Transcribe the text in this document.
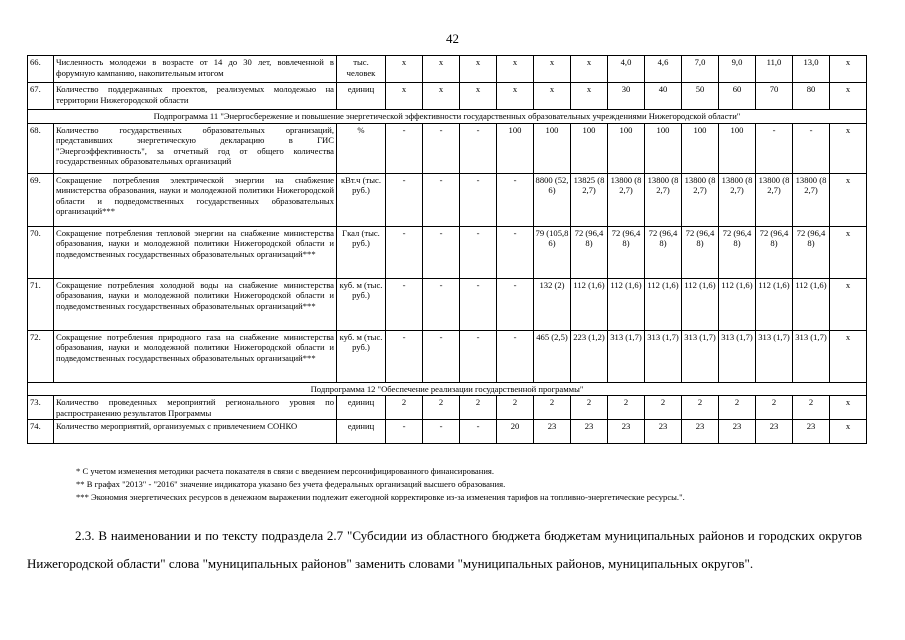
42
66.	Численность молодежи в возрасте от 14 до 30 лет, вовлеченной в форумную кампанию, накопительным итогом	тыс. человек	x	x	x	x	x	x	4,0	4,6	7,0	9,0	11,0	13,0	x
67.	Количество поддержанных проектов, реализуемых молодежью на территории Нижегородской области	единиц	x	x	x	x	x	x	30	40	50	60	70	80	x
Подпрограмма 11 "Энергосбережение и повышение энергетической эффективности государственных образовательных учреждениями Нижегородской области"															
68.	Количество государственных образовательных организаций, представивших энергетическую декларацию в ГИС "Энергоэффективность", за отчетный год от общего количества государственных образовательных организаций	%	-	-	-	100	100	100	100	100	100	100	-	-	x
69.	Сокращение потребления электрической энергии на снабжение министерства образования, науки и молодежной политики Нижегородской области и подведомственных государственных образовательных организаций***	кВт.ч (тыс. руб.)	-	-	-	-	8800 (52,6)	13825 (82,7)	13800 (82,7)	13800 (82,7)	13800 (82,7)	13800 (82,7)	13800 (82,7)	13800 (82,7)	x
70.	Сокращение потребления тепловой энергии на снабжение министерства образования, науки и молодежной политики Нижегородской области и подведомственных государственных образовательных организаций***	Гкал (тыс. руб.)	-	-	-	-	79 (105,86)	72 (96,48)	72 (96,48)	72 (96,48)	72 (96,48)	72 (96,48)	72 (96,48)	72 (96,48)	x
71.	Сокращение потребления холодной воды на снабжение министерства образования, науки и молодежной политики Нижегородской области и подведомственных государственных образовательных организаций***	куб. м (тыс. руб.)	-	-	-	-	132 (2)	112 (1,6)	112 (1,6)	112 (1,6)	112 (1,6)	112 (1,6)	112 (1,6)	112 (1,6)	x
72.	Сокращение потребления природного газа на снабжение министерства образования, науки и молодежной политики Нижегородской области и подведомственных государственных образовательных организаций***	куб. м (тыс. руб.)	-	-	-	-	465 (2,5)	223 (1,2)	313 (1,7)	313 (1,7)	313 (1,7)	313 (1,7)	313 (1,7)	313 (1,7)	x
Подпрограмма 12 "Обеспечение реализации государственной программы"															
73.	Количество проведенных мероприятий регионального уровня по распространению результатов Программы	единиц	2	2	2	2	2	2	2	2	2	2	2	2	x
74.	Количество мероприятий, организуемых с привлечением СОНКО	единиц	-	-	-	20	23	23	23	23	23	23	23	23	x
* С учетом изменения методики расчета показателя в связи с введением персонифицированного финансирования.
** В графах "2013" - "2016" значение индикатора указано без учета федеральных организаций высшего образования.
*** Экономия энергетических ресурсов в денежном выражении подлежит ежегодной корректировке из-за изменения тарифов на топливно-энергетические ресурсы.".

2.3. В наименовании и по тексту подраздела 2.7 "Субсидии из областного бюджета бюджетам муниципальных районов и городских округов Нижегородской области" слова "муниципальных районов" заменить словами "муниципальных районов, муниципальных округов".
